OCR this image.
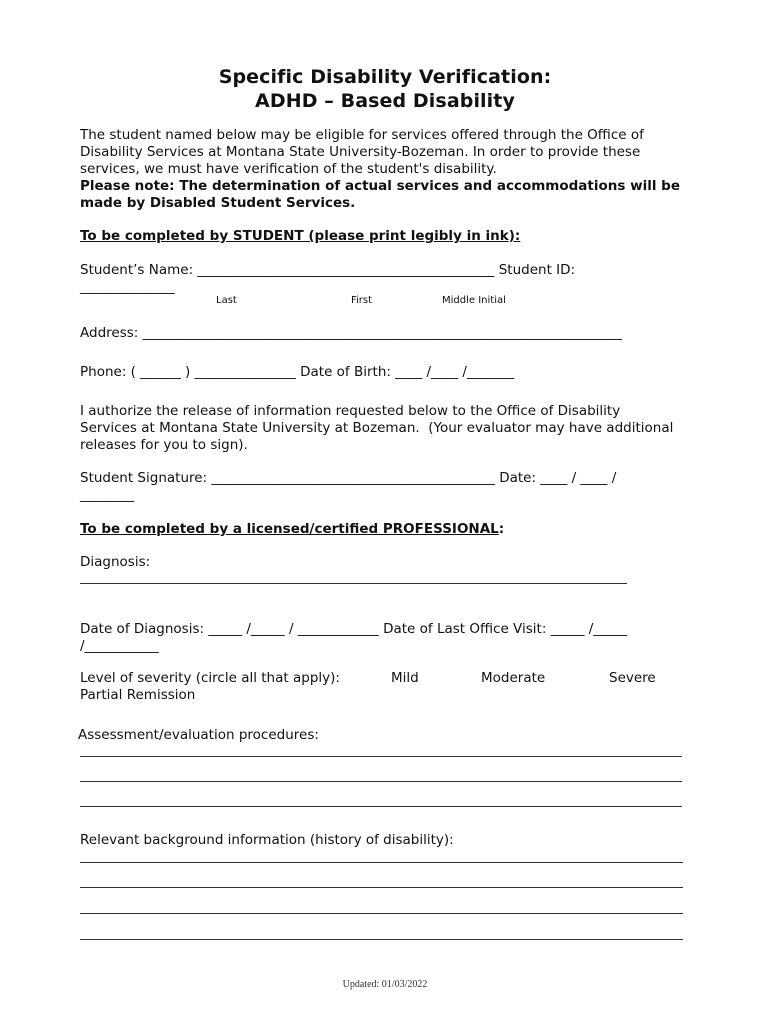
Specific Disability Verification:
ADHD – Based Disability

The student named below may be eligible for services offered through the Office of Disability Services at Montana State University-Bozeman. In order to provide these services, we must have verification of the student's disability.
Please note: The determination of actual services and accommodations will be made by Disabled Student Services.

To be completed by STUDENT (please print legibly in ink):
Student’s Name: ____________________________________________ Student ID:
______________
Last	First	Middle Initial
Address: _______________________________________________________________________
Phone: ( ______ ) _______________ Date of Birth: ____ /____ /_______

I authorize the release of information requested below to the Office of Disability Services at Montana State University at Bozeman.  (Your evaluator may have additional releases for you to sign).

Student Signature: __________________________________________ Date: ____ / ____ /
________
To be completed by a licensed/certified PROFESSIONAL:
Diagnosis:
Date of Diagnosis: _____ /_____ / ____________ Date of Last Office Visit: _____ /_____
/___________
Level of severity (circle all that apply):	Mild	Moderate	Severe
Partial Remission
Assessment/evaluation procedures:
Relevant background information (history of disability):
Updated: 01/03/2022
